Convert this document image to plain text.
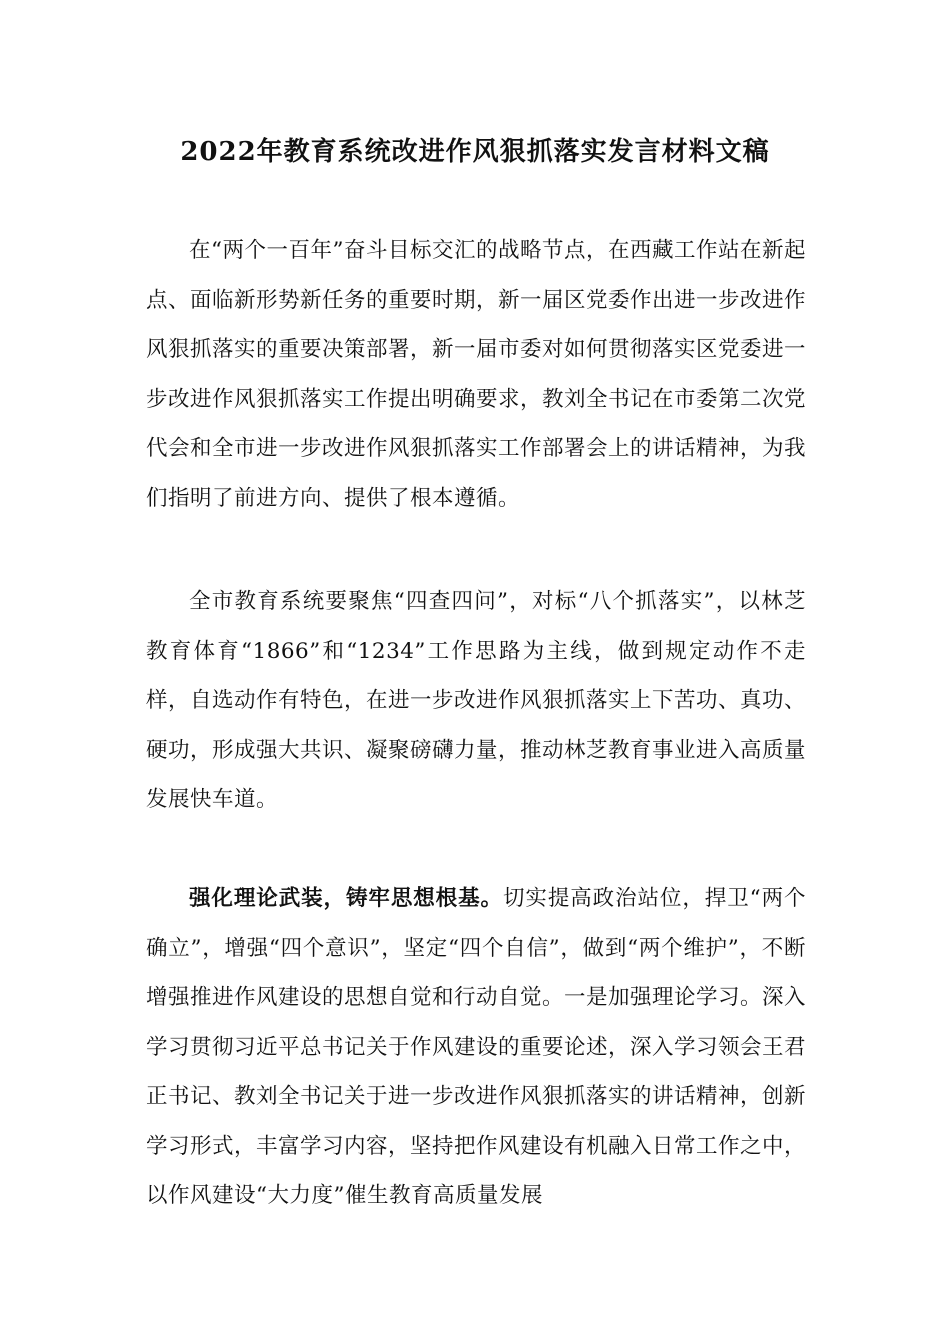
2022年教育系统改进作风狠抓落实发言材料文稿

在“两个一百年”奋斗目标交汇的战略节点，在西藏工作站在新起点、面临新形势新任务的重要时期，新一届区党委作出进一步改进作风狠抓落实的重要决策部署，新一届市委对如何贯彻落实区党委进一步改进作风狠抓落实工作提出明确要求，教刘全书记在市委第二次党代会和全市进一步改进作风狠抓落实工作部署会上的讲话精神，为我们指明了前进方向、提供了根本遵循。

全市教育系统要聚焦“四查四问”，对标“八个抓落实”，以林芝教育体育“1866”和“1234”工作思路为主线，做到规定动作不走样，自选动作有特色，在进一步改进作风狠抓落实上下苦功、真功、硬功，形成强大共识、凝聚磅礴力量，推动林芝教育事业进入高质量发展快车道。

强化理论武装，铸牢思想根基。切实提高政治站位，捍卫“两个确立”，增强“四个意识”，坚定“四个自信”，做到“两个维护”，不断增强推进作风建设的思想自觉和行动自觉。一是加强理论学习。深入学习贯彻习近平总书记关于作风建设的重要论述，深入学习领会王君正书记、教刘全书记关于进一步改进作风狠抓落实的讲话精神，创新学习形式，丰富学习内容，坚持把作风建设有机融入日常工作之中，以作风建设“大力度”催生教育高质量发展
